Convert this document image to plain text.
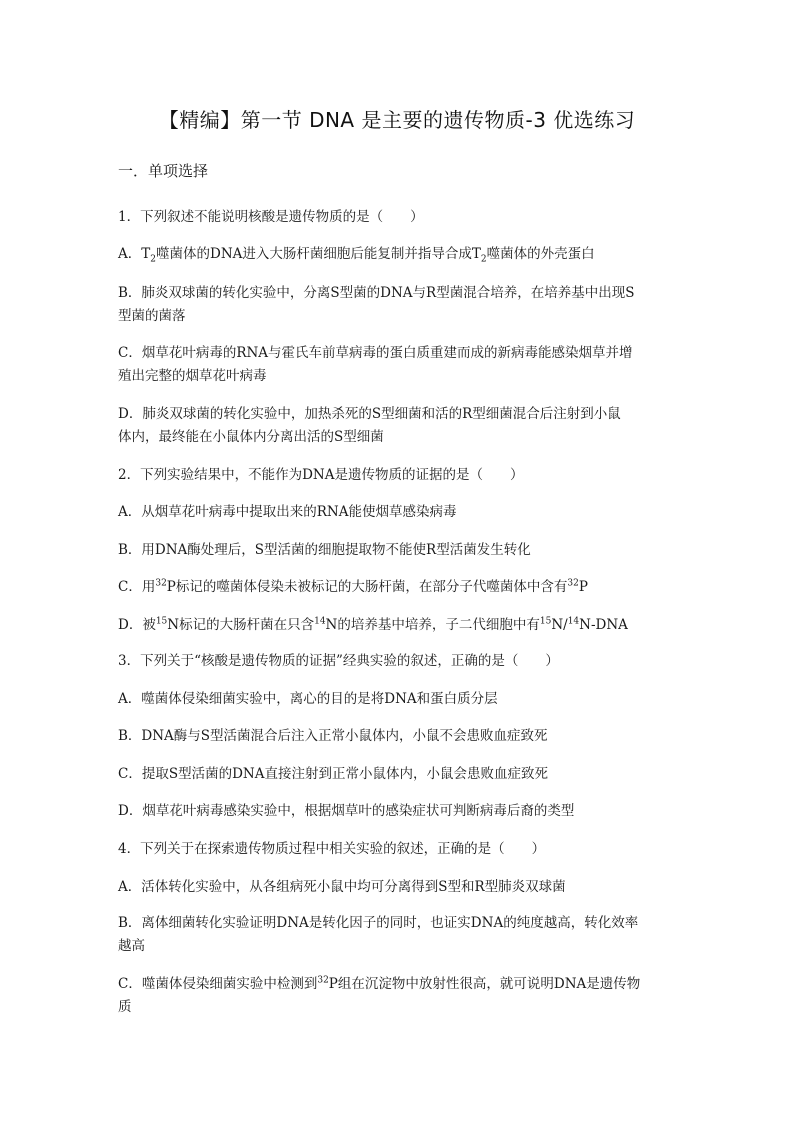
【精编】第一节 DNA 是主要的遗传物质-3 优选练习
一．单项选择
1．下列叙述不能说明核酸是遗传物质的是（　　）
A．$T_2$噬菌体的DNA进入大肠杆菌细胞后能复制并指导合成$T_2$噬菌体的外壳蛋白
B．肺炎双球菌的转化实验中，分离S型菌的DNA与R型菌混合培养，在培养基中出现S
型菌的菌落
C．烟草花叶病毒的RNA与霍氏车前草病毒的蛋白质重建而成的新病毒能感染烟草并增
殖出完整的烟草花叶病毒
D．肺炎双球菌的转化实验中，加热杀死的S型细菌和活的R型细菌混合后注射到小鼠
体内，最终能在小鼠体内分离出活的S型细菌
2．下列实验结果中，不能作为DNA是遗传物质的证据的是（　　）
A．从烟草花叶病毒中提取出来的RNA能使烟草感染病毒
B．用DNA酶处理后，S型活菌的细胞提取物不能使R型活菌发生转化
C．用$^{32}$P标记的噬菌体侵染未被标记的大肠杆菌，在部分子代噬菌体中含有$^{32}$P
D．被$^{15}$N标记的大肠杆菌在只含$^{14}$N的培养基中培养，子二代细胞中有$^{15}$N/$^{14}$N-DNA
3．下列关于“核酸是遗传物质的证据”经典实验的叙述，正确的是（　　）
A．噬菌体侵染细菌实验中，离心的目的是将DNA和蛋白质分层
B．DNA酶与S型活菌混合后注入正常小鼠体内，小鼠不会患败血症致死
C．提取S型活菌的DNA直接注射到正常小鼠体内，小鼠会患败血症致死
D．烟草花叶病毒感染实验中，根据烟草叶的感染症状可判断病毒后裔的类型
4．下列关于在探索遗传物质过程中相关实验的叙述，正确的是（　　）
A．活体转化实验中，从各组病死小鼠中均可分离得到S型和R型肺炎双球菌
B．离体细菌转化实验证明DNA是转化因子的同时，也证实DNA的纯度越高，转化效率
越高
C．噬菌体侵染细菌实验中检测到$^{32}$P组在沉淀物中放射性很高，就可说明DNA是遗传物
质
